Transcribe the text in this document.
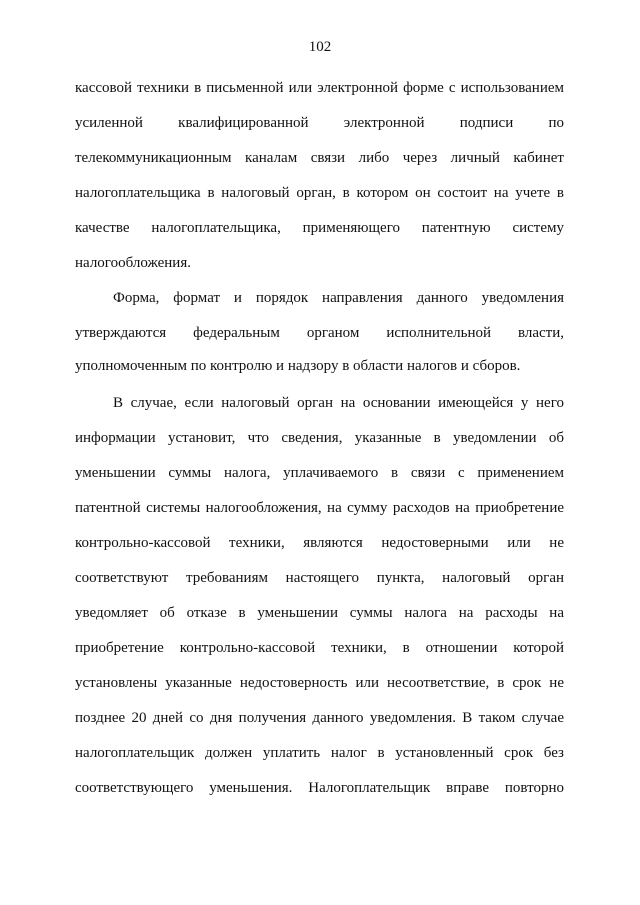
102
кассовой техники в письменной или электронной форме с использованием
усиленной квалифицированной электронной подписи по
телекоммуникационным каналам связи либо через личный кабинет
налогоплательщика в налоговый орган, в котором он состоит на учете в
качестве налогоплательщика, применяющего патентную систему
налогообложения.
Форма, формат и порядок направления данного уведомления
утверждаются федеральным органом исполнительной власти,
уполномоченным по контролю и надзору в области налогов и сборов.
В случае, если налоговый орган на основании имеющейся у него
информации установит, что сведения, указанные в уведомлении об
уменьшении суммы налога, уплачиваемого в связи с применением
патентной системы налогообложения, на сумму расходов на приобретение
контрольно-кассовой техники, являются недостоверными или не
соответствуют требованиям настоящего пункта, налоговый орган
уведомляет об отказе в уменьшении суммы налога на расходы на
приобретение контрольно-кассовой техники, в отношении которой
установлены указанные недостоверность или несоответствие, в срок не
позднее 20 дней со дня получения данного уведомления. В таком случае
налогоплательщик должен уплатить налог в установленный срок без
соответствующего уменьшения. Налогоплательщик вправе повторно
